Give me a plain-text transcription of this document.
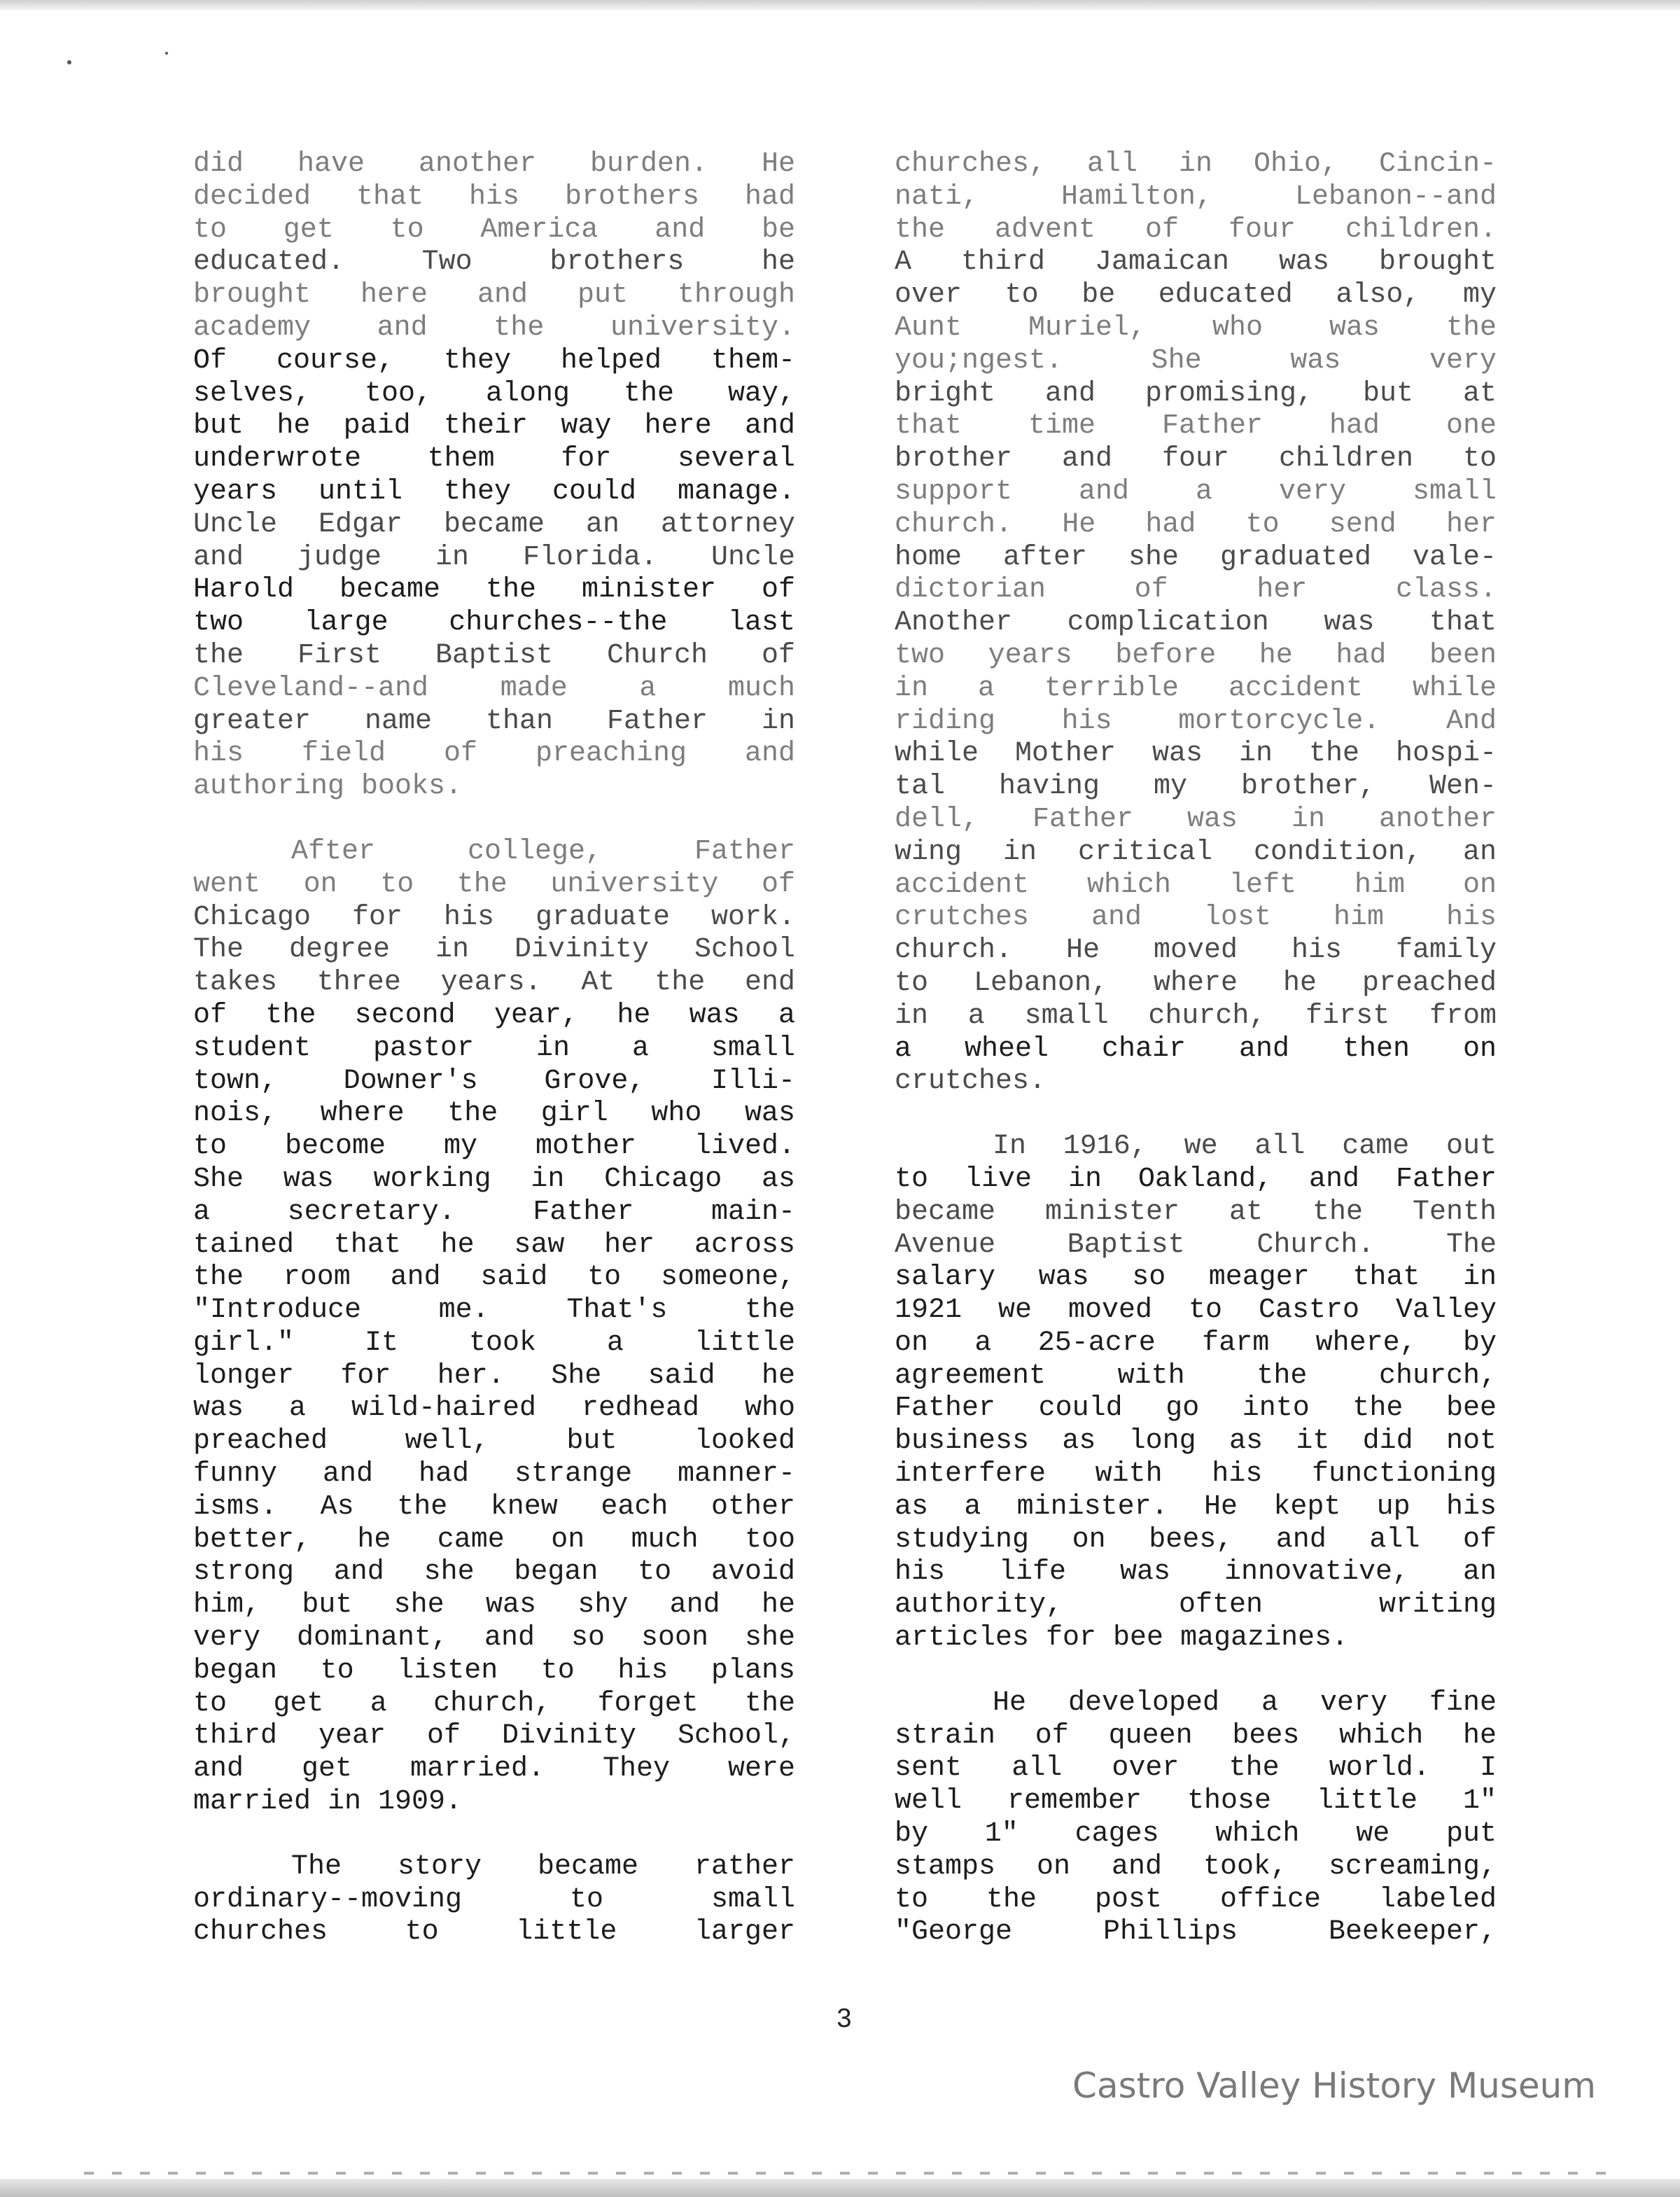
did have another burden. He
decided that his brothers had
to get to America and be
educated. Two brothers he
brought here and put through
academy and the university.
Of course, they helped them-
selves, too, along the way,
but he paid their way here and
underwrote them for several
years until they could manage.
Uncle Edgar became an attorney
and judge in Florida. Uncle
Harold became the minister of
two large churches--the last
the First Baptist Church of
Cleveland--and made a much
greater name than Father in
his field of preaching and
authoring books.
After college, Father
went on to the university of
Chicago for his graduate work.
The degree in Divinity School
takes three years. At the end
of the second year, he was a
student pastor in a small
town, Downer's Grove, Illi-
nois, where the girl who was
to become my mother lived.
She was working in Chicago as
a secretary. Father main-
tained that he saw her across
the room and said to someone,
"Introduce me. That's the
girl." It took a little
longer for her. She said he
was a wild-haired redhead who
preached well, but looked
funny and had strange manner-
isms. As the knew each other
better, he came on much too
strong and she began to avoid
him, but she was shy and he
very dominant, and so soon she
began to listen to his plans
to get a church, forget the
third year of Divinity School,
and get married. They were
married in 1909.
The story became rather
ordinary--moving to small
churches to little larger
churches, all in Ohio, Cincin-
nati, Hamilton, Lebanon--and
the advent of four children.
A third Jamaican was brought
over to be educated also, my
Aunt Muriel, who was the
you;ngest. She was very
bright and promising, but at
that time Father had one
brother and four children to
support and a very small
church. He had to send her
home after she graduated vale-
dictorian of her class.
Another complication was that
two years before he had been
in a terrible accident while
riding his mortorcycle. And
while Mother was in the hospi-
tal having my brother, Wen-
dell, Father was in another
wing in critical condition, an
accident which left him on
crutches and lost him his
church. He moved his family
to Lebanon, where he preached
in a small church, first from
a wheel chair and then on
crutches.
In 1916, we all came out
to live in Oakland, and Father
became minister at the Tenth
Avenue Baptist Church. The
salary was so meager that in
1921 we moved to Castro Valley
on a 25-acre farm where, by
agreement with the church,
Father could go into the bee
business as long as it did not
interfere with his functioning
as a minister. He kept up his
studying on bees, and all of
his life was innovative, an
authority, often writing
articles for bee magazines.
He developed a very fine
strain of queen bees which he
sent all over the world. I
well remember those little 1"
by 1" cages which we put
stamps on and took, screaming,
to the post office labeled
"George Phillips Beekeeper,
3
Castro Valley History Museum
